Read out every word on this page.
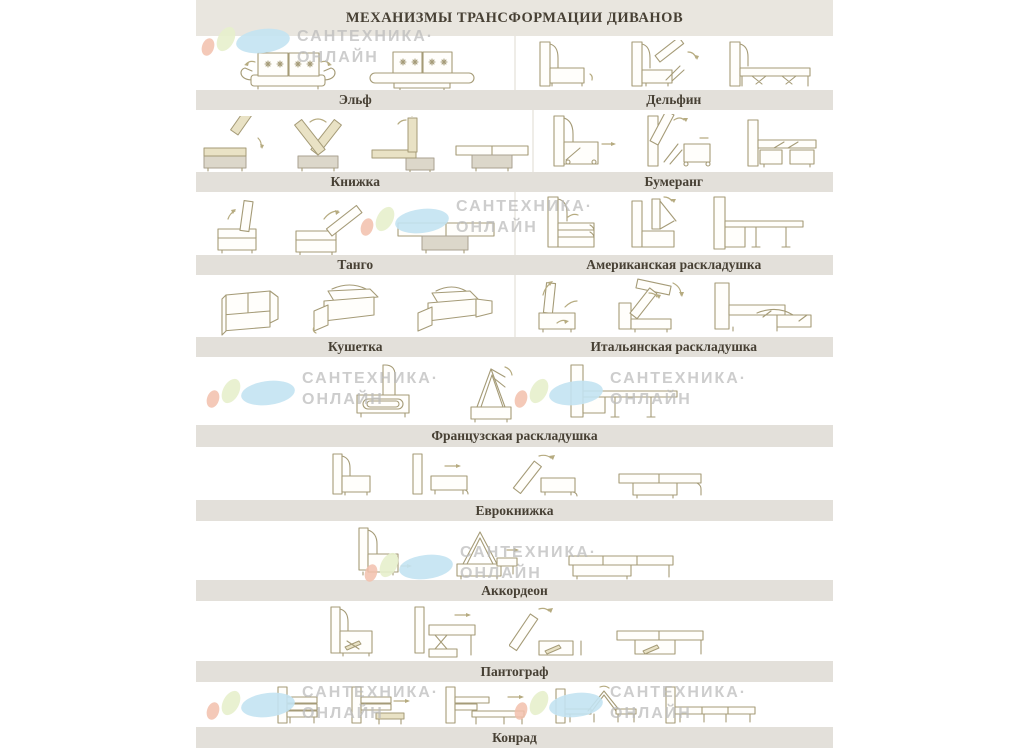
МЕХАНИЗМЫ ТРАНСФОРМАЦИИ ДИВАНОВ
Эльф	Дельфин
Книжка	Бумеранг
Танго	Американская раскладушка
Кушетка	Итальянская раскладушка
Французская раскладушка
Еврокнижка
Аккордеон
Пантограф
Конрад
САНТЕХНИКА·
ОНЛАЙН
САНТЕХНИКА·
ОНЛАЙН
САНТЕХНИКА·
ОНЛАЙН
САНТЕХНИКА·
ОНЛАЙН
САНТЕХНИКА·
ОНЛАЙН
САНТЕХНИКА·
ОНЛАЙН
САНТЕХНИКА·
ОНЛАЙН
